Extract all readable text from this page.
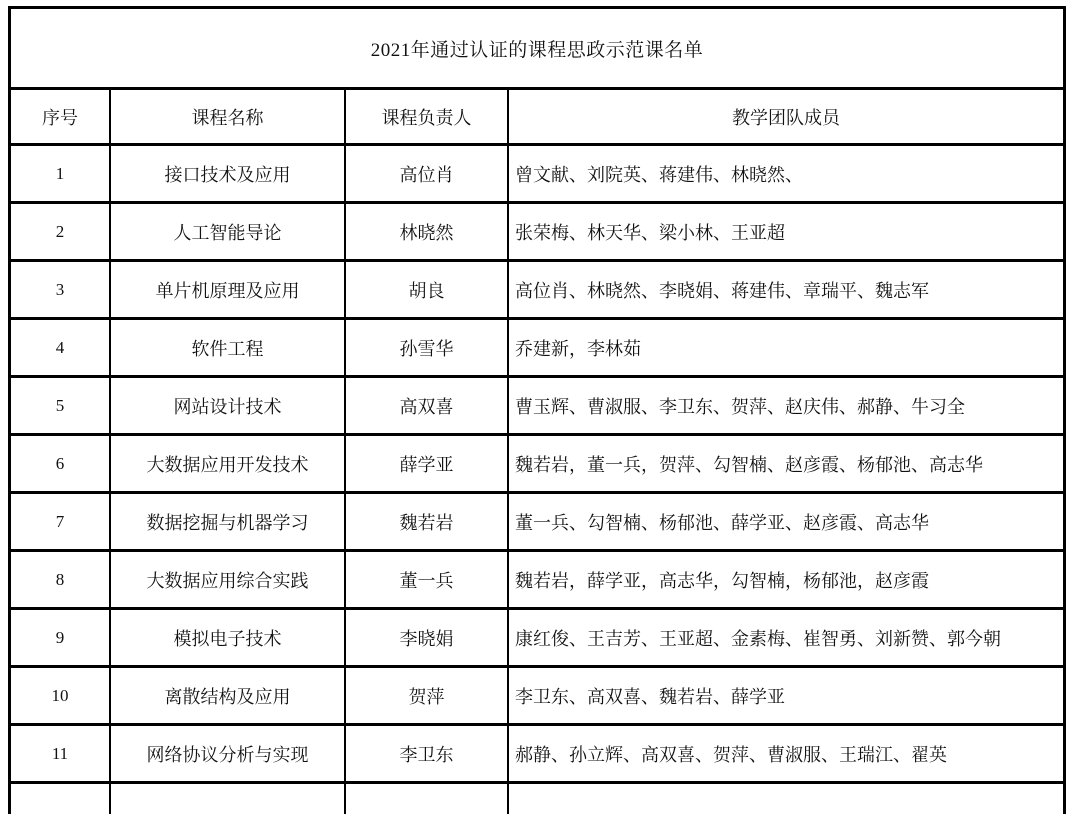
2021年通过认证的课程思政示范课名单
序号	课程名称	课程负责人	教学团队成员
1	接口技术及应用	高位肖	曾文献、刘院英、蒋建伟、林晓然、
2	人工智能导论	林晓然	张荣梅、林天华、梁小林、王亚超
3	单片机原理及应用	胡良	高位肖、林晓然、李晓娟、蒋建伟、章瑞平、魏志军
4	软件工程	孙雪华	乔建新，李林茹
5	网站设计技术	高双喜	曹玉辉、曹淑服、李卫东、贺萍、赵庆伟、郝静、牛习全
6	大数据应用开发技术	薛学亚	魏若岩，董一兵，贺萍、勾智楠、赵彦霞、杨郁池、高志华
7	数据挖掘与机器学习	魏若岩	董一兵、勾智楠、杨郁池、薛学亚、赵彦霞、高志华
8	大数据应用综合实践	董一兵	魏若岩，薛学亚，高志华，勾智楠，杨郁池，赵彦霞
9	模拟电子技术	李晓娟	康红俊、王吉芳、王亚超、金素梅、崔智勇、刘新赞、郭今朝
10	离散结构及应用	贺萍	李卫东、高双喜、魏若岩、薛学亚
11	网络协议分析与实现	李卫东	郝静、孙立辉、高双喜、贺萍、曹淑服、王瑞江、翟英
